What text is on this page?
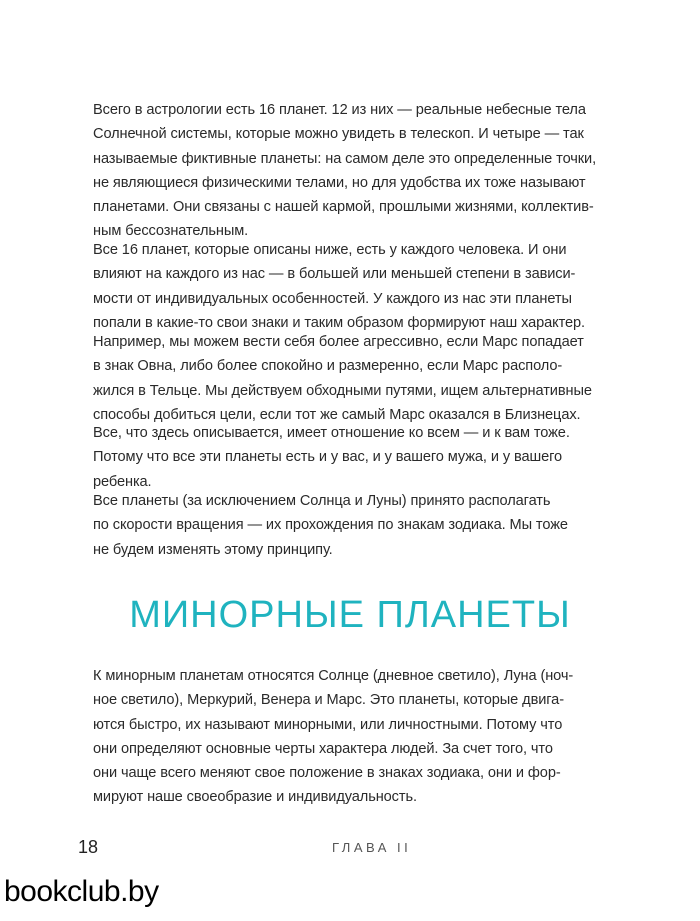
Всего в астрологии есть 16 планет. 12 из них — реальные небесные тела
Солнечной системы, которые можно увидеть в телескоп. И четыре — так
называемые фиктивные планеты: на самом деле это определенные точки,
не являющиеся физическими телами, но для удобства их тоже называют
планетами. Они связаны с нашей кармой, прошлыми жизнями, коллектив-
ным бессознательным.

Все 16 планет, которые описаны ниже, есть у каждого человека. И они
влияют на каждого из нас — в большей или меньшей степени в зависи-
мости от индивидуальных особенностей. У каждого из нас эти планеты
попали в какие-то свои знаки и таким образом формируют наш характер.

Например, мы можем вести себя более агрессивно, если Марс попадает
в знак Овна, либо более спокойно и размеренно, если Марс располо-
жился в Тельце. Мы действуем обходными путями, ищем альтернативные
способы добиться цели, если тот же самый Марс оказался в Близнецах.

Все, что здесь описывается, имеет отношение ко всем — и к вам тоже.
Потому что все эти планеты есть и у вас, и у вашего мужа, и у вашего
ребенка.

Все планеты (за исключением Солнца и Луны) принято располагать
по скорости вращения — их прохождения по знакам зодиака. Мы тоже
не будем изменять этому принципу.

МИНОРНЫЕ ПЛАНЕТЫ

К минорным планетам относятся Солнце (дневное светило), Луна (ноч-
ное светило), Меркурий, Венера и Марс. Это планеты, которые двига-
ются быстро, их называют минорными, или личностными. Потому что
они определяют основные черты характера людей. За счет того, что
они чаще всего меняют свое положение в знаках зодиака, они и фор-
мируют наше своеобразие и индивидуальность.

18	ГЛАВА II
bookclub.by
